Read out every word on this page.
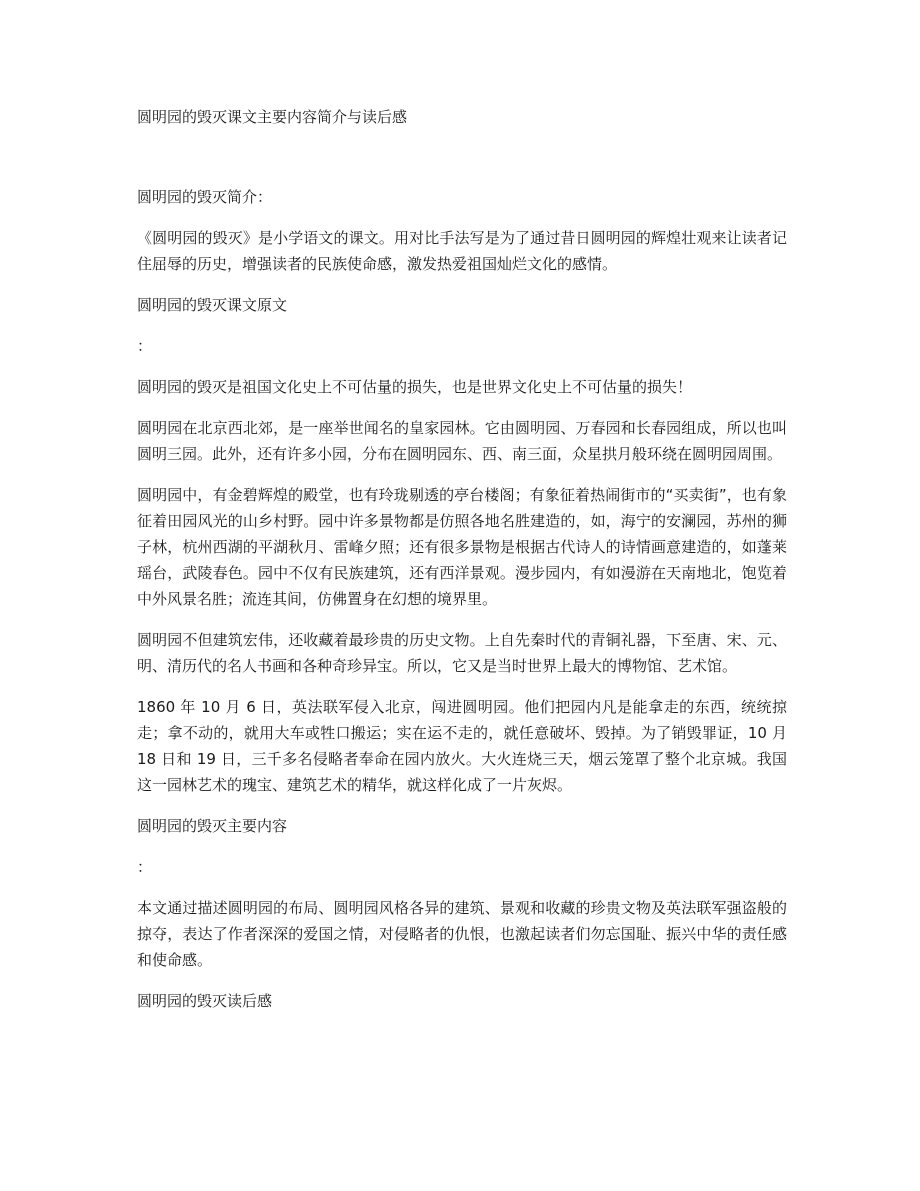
圆明园的毁灭课文主要内容简介与读后感

圆明园的毁灭简介：

《圆明园的毁灭》是小学语文的课文。用对比手法写是为了通过昔日圆明园的辉煌壮观来让读者记住屈辱的历史，增强读者的民族使命感，激发热爱祖国灿烂文化的感情。

圆明园的毁灭课文原文

：

圆明园的毁灭是祖国文化史上不可估量的损失，也是世界文化史上不可估量的损失！

圆明园在北京西北郊，是一座举世闻名的皇家园林。它由圆明园、万春园和长春园组成，所以也叫圆明三园。此外，还有许多小园，分布在圆明园东、西、南三面，众星拱月般环绕在圆明园周围。

圆明园中，有金碧辉煌的殿堂，也有玲珑剔透的亭台楼阁；有象征着热闹街市的“买卖街”，也有象征着田园风光的山乡村野。园中许多景物都是仿照各地名胜建造的，如，海宁的安澜园，苏州的狮子林，杭州西湖的平湖秋月、雷峰夕照；还有很多景物是根据古代诗人的诗情画意建造的，如蓬莱瑶台，武陵春色。园中不仅有民族建筑，还有西洋景观。漫步园内，有如漫游在天南地北，饱览着中外风景名胜；流连其间，仿佛置身在幻想的境界里。

圆明园不但建筑宏伟，还收藏着最珍贵的历史文物。上自先秦时代的青铜礼器，下至唐、宋、元、明、清历代的名人书画和各种奇珍异宝。所以，它又是当时世界上最大的博物馆、艺术馆。

1860 年 10 月 6 日，英法联军侵入北京，闯进圆明园。他们把园内凡是能拿走的东西，统统掠走；拿不动的，就用大车或牲口搬运；实在运不走的，就任意破坏、毁掉。为了销毁罪证，10 月 18 日和 19 日，三千多名侵略者奉命在园内放火。大火连烧三天，烟云笼罩了整个北京城。我国这一园林艺术的瑰宝、建筑艺术的精华，就这样化成了一片灰烬。

圆明园的毁灭主要内容

：

本文通过描述圆明园的布局、圆明园风格各异的建筑、景观和收藏的珍贵文物及英法联军强盗般的掠夺，表达了作者深深的爱国之情，对侵略者的仇恨，也激起读者们勿忘国耻、振兴中华的责任感和使命感。

圆明园的毁灭读后感
